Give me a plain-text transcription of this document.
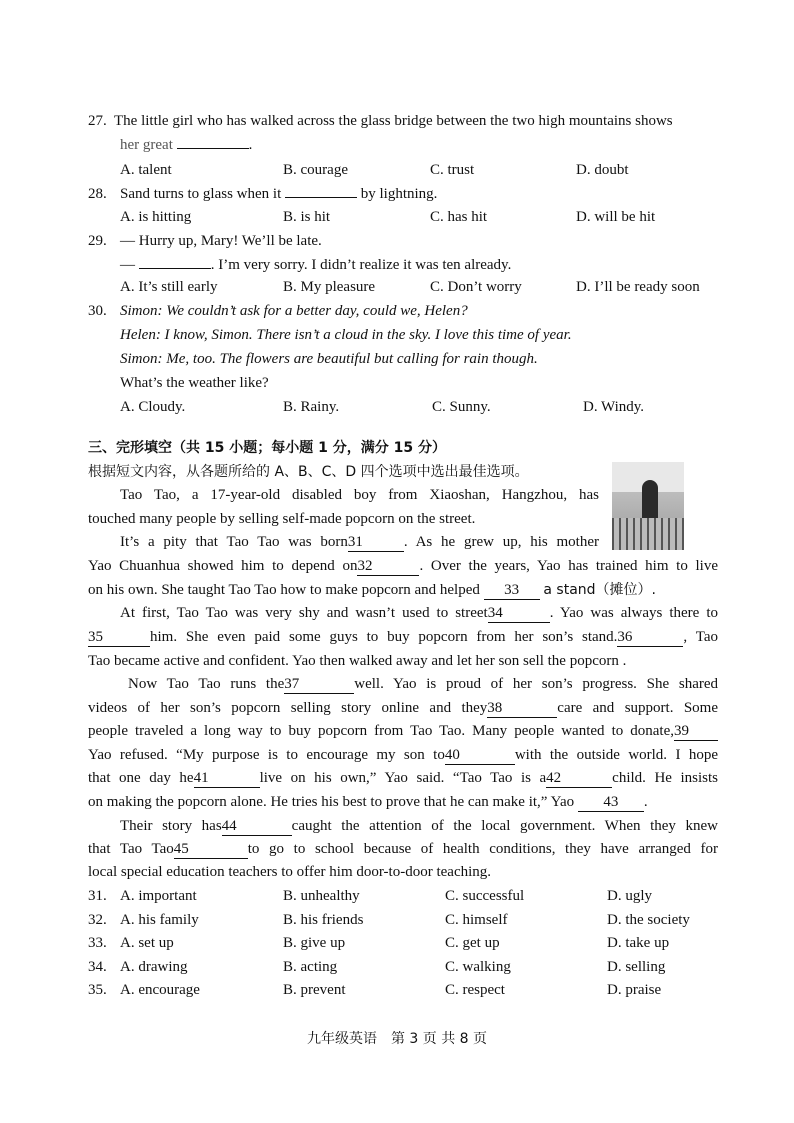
27. The little girl who has walked across the glass bridge between the two high mountains shows
her great	.
A. talent	B. courage	C. trust	D. doubt
28. Sand turns to glass when it	by lightning.
A. is hitting	B. is hit	C. has hit	D. will be hit
29. — Hurry up, Mary! We’ll be late.
—	. I’m very sorry. I didn’t realize it was ten already.
A. It’s still early	B. My pleasure	C. Don’t worry	D. I’ll be ready soon
30. Simon: We couldn’t ask for a better day, could we, Helen?
Helen: I know, Simon. There isn’t a cloud in the sky. I love this time of year.
Simon: Me, too. The flowers are beautiful but calling for rain though.
What’s the weather like?
A. Cloudy.	B. Rainy.	C. Sunny.	D. Windy.
三、完形填空（共 15 小题；每小题 1 分，满分 15 分）
根据短文内容，从各题所给的 A、B、C、D 四个选项中选出最佳选项。
Tao Tao, a 17-year-old disabled boy from Xiaoshan, Hangzhou, has
touched many people by selling self-made popcorn on the street.
It’s a pity that Tao Tao was born31	. As he grew up, his mother
Yao Chuanhua showed him to depend on32	. Over the years, Yao has trained him to live
on his own. She taught Tao Tao how to make popcorn and helped 33 a stand（摊位）.
At first, Tao Tao was very shy and wasn’t used to street34	. Yao was always there to
35	him. She even paid some guys to buy popcorn from her son’s stand.36	, Tao
Tao became active and confident. Yao then walked away and let her son sell the popcorn .
Now Tao Tao runs the37	well. Yao is proud of her son’s progress. She shared
videos of her son’s popcorn selling story online and they38	care and support. Some
people traveled a long way to buy popcorn from Tao Tao. Many people wanted to donate,39
Yao refused. “My purpose is to encourage my son to40	with the outside world. I hope
that one day he41	live on his own,” Yao said. “Tao Tao is a42	child. He insists
on making the popcorn alone. He tries his best to prove that he can make it,” Yao 43 .
Their story has44	caught the attention of the local government. When they knew
that Tao Tao45	to go to school because of health conditions, they have arranged for
local special education teachers to offer him door-to-door teaching.
31. A. important	B. unhealthy	C. successful	D. ugly
32. A. his family	B. his friends	C. himself	D. the society
33. A. set up	B. give up	C. get up	D. take up
34. A. drawing	B. acting	C. walking	D. selling
35. A. encourage	B. prevent	C. respect	D. praise
九年级英语　第 3 页 共 8 页
